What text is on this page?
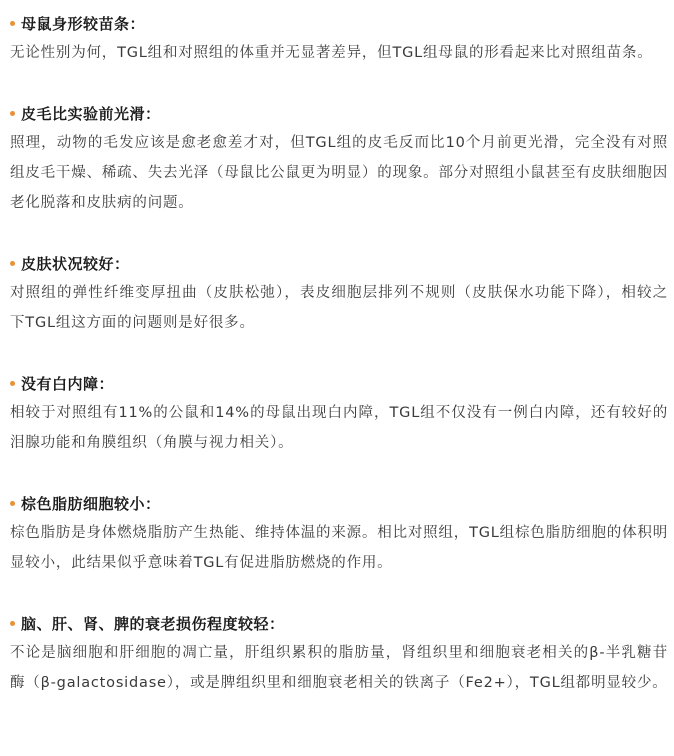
母鼠身形较苗条：

无论性别为何，TGL组和对照组的体重并无显著差异，但TGL组母鼠的形看起来比对照组苗条。

皮毛比实验前光滑：

照理，动物的毛发应该是愈老愈差才对，但TGL组的皮毛反而比10个月前更光滑，完全没有对照组皮毛干燥、稀疏、失去光泽（母鼠比公鼠更为明显）的现象。部分对照组小鼠甚至有皮肤细胞因老化脱落和皮肤病的问题。

皮肤状况较好：

对照组的弹性纤维变厚扭曲（皮肤松弛），表皮细胞层排列不规则（皮肤保水功能下降），相较之下TGL组这方面的问题则是好很多。

没有白内障：

相较于对照组有11%的公鼠和14%的母鼠出现白内障，TGL组不仅没有一例白内障，还有较好的泪腺功能和角膜组织（角膜与视力相关）。

棕色脂肪细胞较小：

棕色脂肪是身体燃烧脂肪产生热能、维持体温的来源。相比对照组，TGL组棕色脂肪细胞的体积明显较小，此结果似乎意味着TGL有促进脂肪燃烧的作用。

脑、肝、肾、脾的衰老损伤程度较轻：

不论是脑细胞和肝细胞的凋亡量，肝组织累积的脂肪量，肾组织里和细胞衰老相关的β-半乳糖苷酶（β-galactosidase），或是脾组织里和细胞衰老相关的铁离子（Fe2+），TGL组都明显较少。
